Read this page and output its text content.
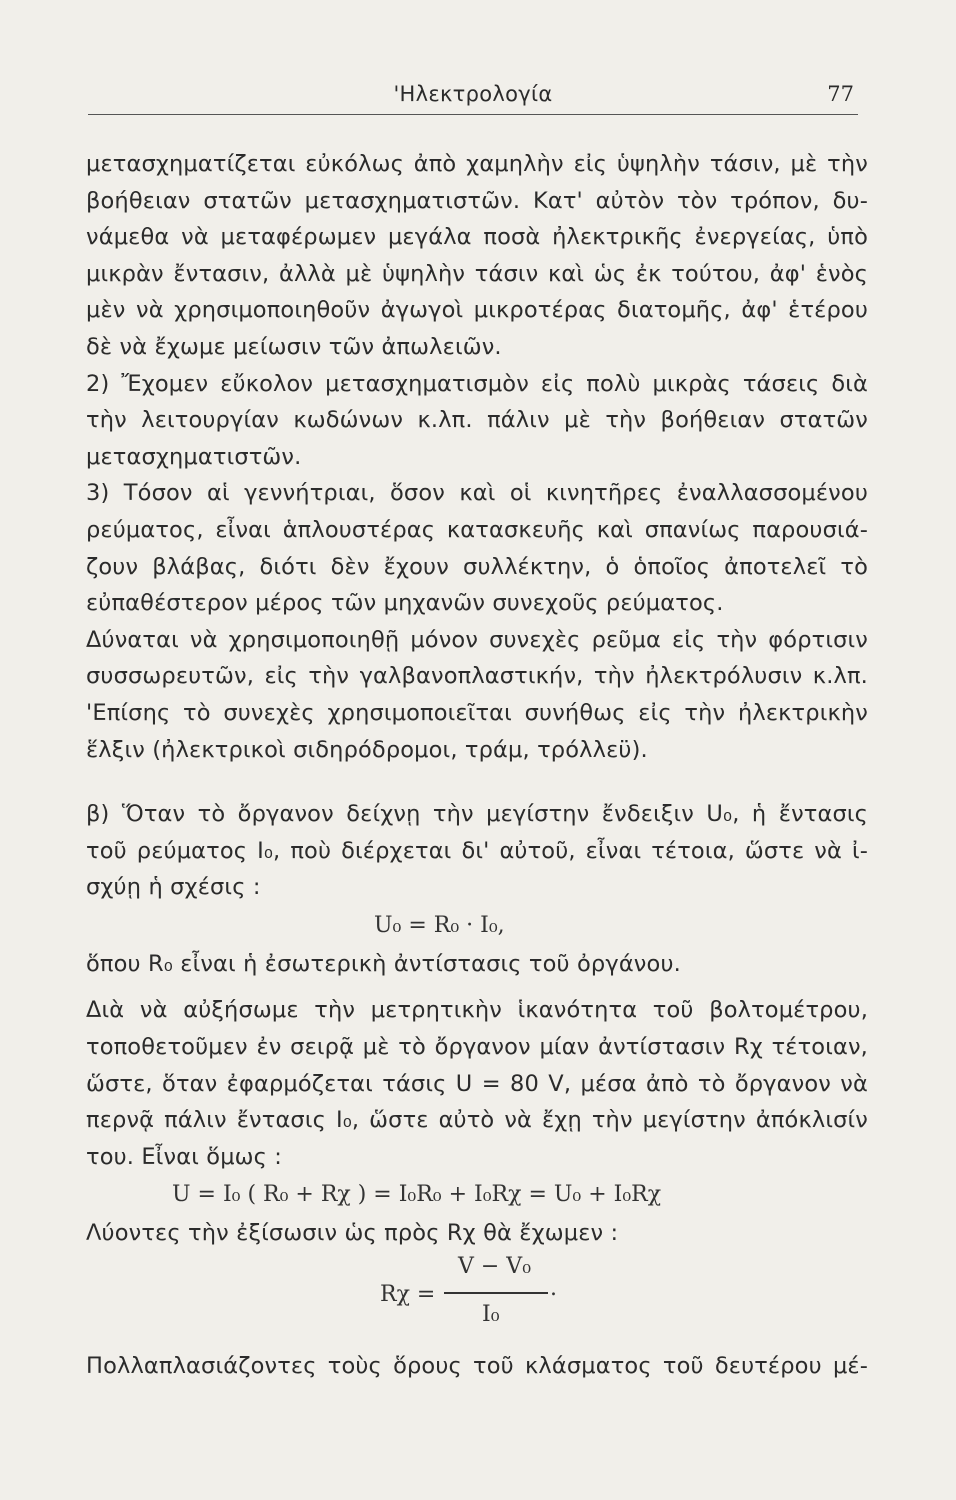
'Ηλεκτρολογία	77
μετασχηματίζεται εὐκόλως ἀπὸ χαμηλὴν εἰς ὑψηλὴν τάσιν, μὲ τὴν
βοήθειαν στατῶν μετασχηματιστῶν. Κατ' αὐτὸν τὸν τρόπον, δυ-
νάμεθα νὰ μεταφέρωμεν μεγάλα ποσὰ ἠλεκτρικῆς ἐνεργείας, ὑπὸ
μικρὰν ἔντασιν, ἀλλὰ μὲ ὑψηλὴν τάσιν καὶ ὡς ἐκ τούτου, ἀφ' ἑνὸς
μὲν νὰ χρησιμοποιηθοῦν ἀγωγοὶ μικροτέρας διατομῆς, ἀφ' ἑτέρου
δὲ νὰ ἔχωμε μείωσιν τῶν ἀπωλειῶν.
2) Ἔχομεν εὔκολον μετασχηματισμὸν εἰς πολὺ μικρὰς τάσεις διὰ
τὴν λειτουργίαν κωδώνων κ.λπ. πάλιν μὲ τὴν βοήθειαν στατῶν
μετασχηματιστῶν.
3) Τόσον αἱ γεννήτριαι, ὅσον καὶ οἱ κινητῆρες ἐναλλασσομένου
ρεύματος, εἶναι ἁπλουστέρας κατασκευῆς καὶ σπανίως παρουσιά-
ζουν βλάβας, διότι δὲν ἔχουν συλλέκτην, ὁ ὁποῖος ἀποτελεῖ τὸ
εὐπαθέστερον μέρος τῶν μηχανῶν συνεχοῦς ρεύματος.
Δύναται νὰ χρησιμοποιηθῇ μόνον συνεχὲς ρεῦμα εἰς τὴν φόρτισιν
συσσωρευτῶν, εἰς τὴν γαλβανοπλαστικήν, τὴν ἠλεκτρόλυσιν κ.λπ.
'Επίσης τὸ συνεχὲς χρησιμοποιεῖται συνήθως εἰς τὴν ἠλεκτρικὴν
ἕλξιν (ἠλεκτρικοὶ σιδηρόδρομοι, τράμ, τρόλλεϋ).
β) Ὅταν τὸ ὄργανον δείχνῃ τὴν μεγίστην ἔνδειξιν U₀, ἡ ἔντασις
τοῦ ρεύματος I₀, ποὺ διέρχεται δι' αὐτοῦ, εἶναι τέτοια, ὥστε νὰ ἰ-
σχύῃ ἡ σχέσις :
U₀ = R₀ · I₀,
ὅπου R₀ εἶναι ἡ ἐσωτερικὴ ἀντίστασις τοῦ ὀργάνου.
Διὰ νὰ αὐξήσωμε τὴν μετρητικὴν ἱκανότητα τοῦ βολτομέτρου,
τοποθετοῦμεν ἐν σειρᾷ μὲ τὸ ὄργανον μίαν ἀντίστασιν Rχ τέτοιαν,
ὥστε, ὅταν ἐφαρμόζεται τάσις U = 80 V, μέσα ἀπὸ τὸ ὄργανον νὰ
περνᾷ πάλιν ἔντασις I₀, ὥστε αὐτὸ νὰ ἔχῃ τὴν μεγίστην ἀπόκλισίν
του. Εἶναι ὅμως :
U = I₀ ( R₀ + Rχ ) = I₀R₀ + I₀Rχ = U₀ + I₀Rχ
Λύοντες τὴν ἐξίσωσιν ὡς πρὸς Rχ θὰ ἔχωμεν :
Rχ =
V − V₀
I₀
.
Πολλαπλασιάζοντες τοὺς ὅρους τοῦ κλάσματος τοῦ δευτέρου μέ-
